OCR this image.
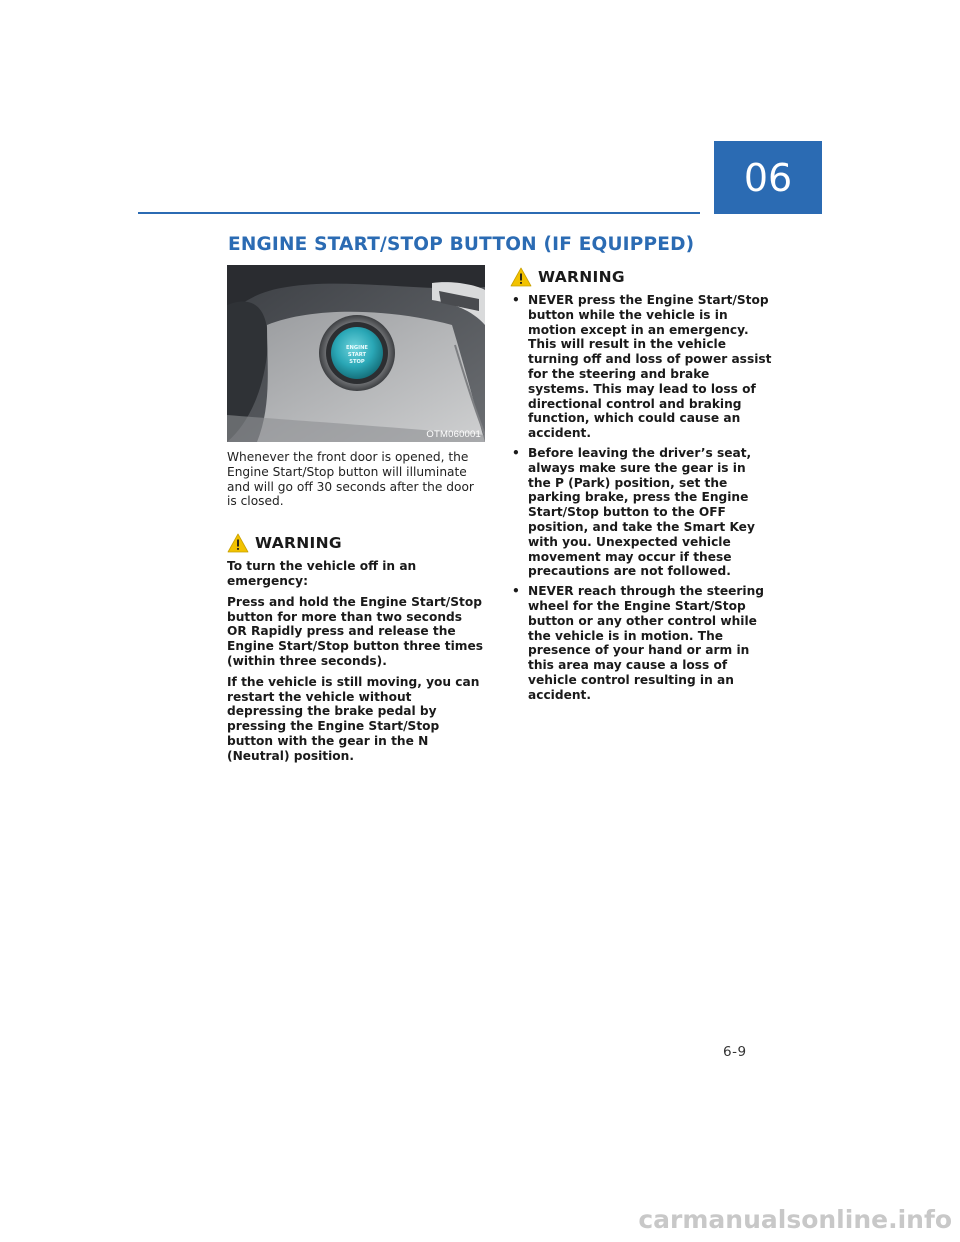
06
ENGINE START/STOP BUTTON (IF EQUIPPED)
ENGINE
START
STOP
OTM060001

Whenever the front door is opened, the Engine Start/Stop button will illuminate and will go off 30 seconds after the door is closed.

WARNING

To turn the vehicle off in an emergency:

Press and hold the Engine Start/Stop button for more than two seconds OR Rapidly press and release the Engine Start/Stop button three times (within three seconds).

If the vehicle is still moving, you can restart the vehicle without depressing the brake pedal by pressing the Engine Start/Stop button with the gear in the N (Neutral) position.

WARNING
• NEVER press the Engine Start/Stop button while the vehicle is in motion except in an emergency. This will result in the vehicle turning off and loss of power assist for the steering and brake systems. This may lead to loss of directional control and braking function, which could cause an accident.
• Before leaving the driver’s seat, always make sure the gear is in the P (Park) position, set the parking brake, press the Engine Start/Stop button to the OFF position, and take the Smart Key with you. Unexpected vehicle movement may occur if these precautions are not followed.
• NEVER reach through the steering wheel for the Engine Start/Stop button or any other control while the vehicle is in motion. The presence of your hand or arm in this area may cause a loss of vehicle control resulting in an accident.
6-9
carmanualsonline.info
